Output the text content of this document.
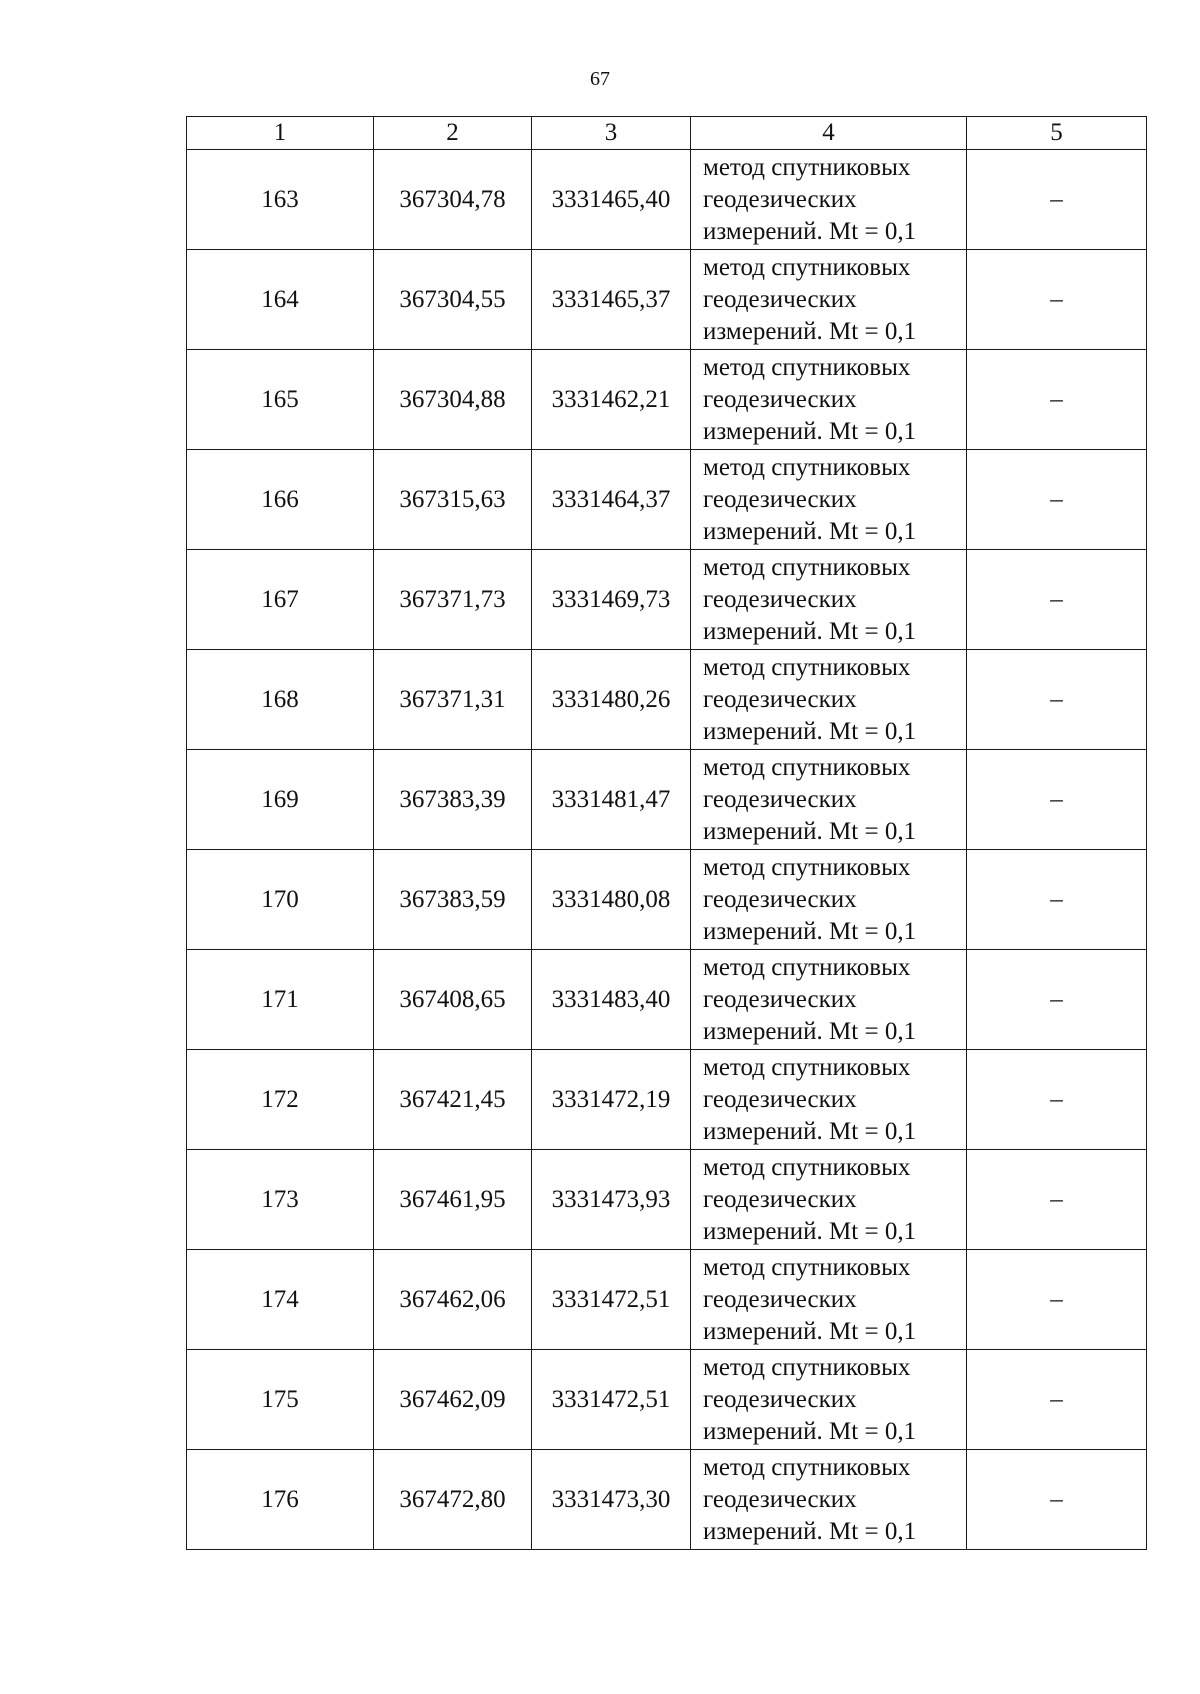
67
1	2	3	4	5
163	367304,78	3331465,40	метод спутниковых
геодезических
измерений. Mt = 0,1	–
164	367304,55	3331465,37	метод спутниковых
геодезических
измерений. Mt = 0,1	–
165	367304,88	3331462,21	метод спутниковых
геодезических
измерений. Mt = 0,1	–
166	367315,63	3331464,37	метод спутниковых
геодезических
измерений. Mt = 0,1	–
167	367371,73	3331469,73	метод спутниковых
геодезических
измерений. Mt = 0,1	–
168	367371,31	3331480,26	метод спутниковых
геодезических
измерений. Mt = 0,1	–
169	367383,39	3331481,47	метод спутниковых
геодезических
измерений. Mt = 0,1	–
170	367383,59	3331480,08	метод спутниковых
геодезических
измерений. Mt = 0,1	–
171	367408,65	3331483,40	метод спутниковых
геодезических
измерений. Mt = 0,1	–
172	367421,45	3331472,19	метод спутниковых
геодезических
измерений. Mt = 0,1	–
173	367461,95	3331473,93	метод спутниковых
геодезических
измерений. Mt = 0,1	–
174	367462,06	3331472,51	метод спутниковых
геодезических
измерений. Mt = 0,1	–
175	367462,09	3331472,51	метод спутниковых
геодезических
измерений. Mt = 0,1	–
176	367472,80	3331473,30	метод спутниковых
геодезических
измерений. Mt = 0,1	–
